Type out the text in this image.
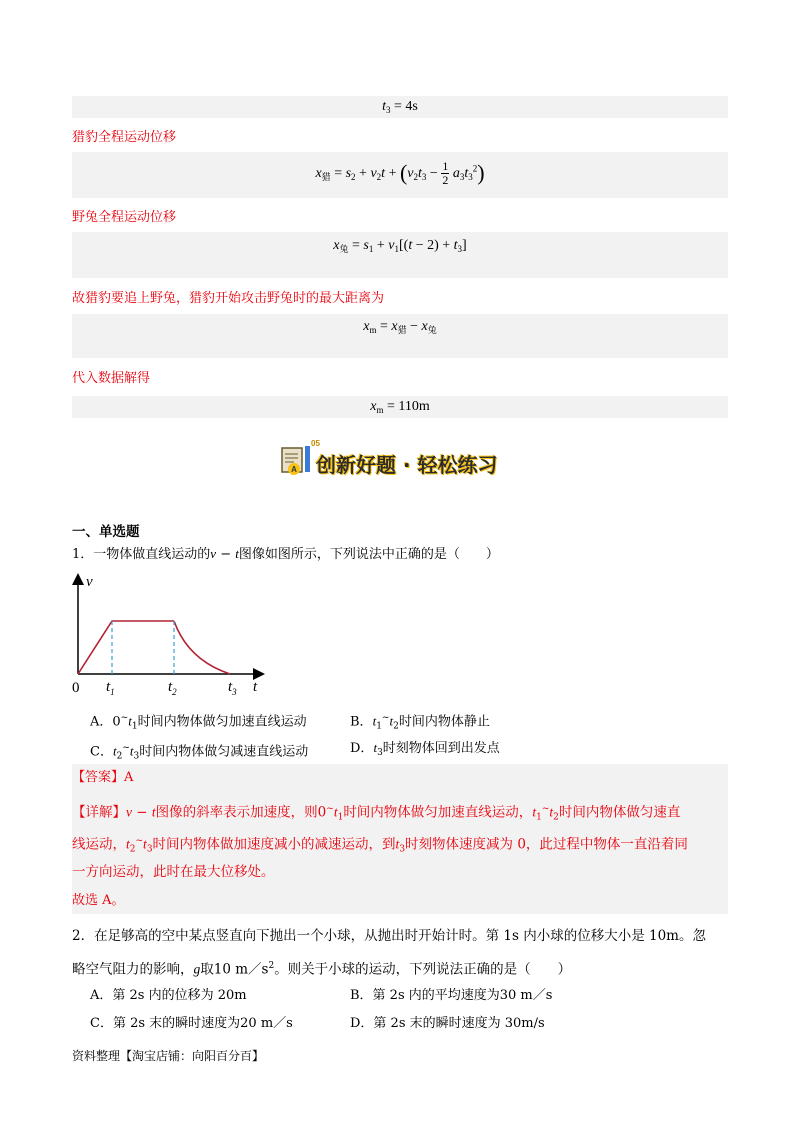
$t_3 = 4s$
猎豹全程运动位移
$x_猎 = s_2 + v_2t + (v_2t_3 - \frac{1}{2} a_3t_3^2)$
野兔全程运动位移
$x_兔 = s_1 + v_1[(t - 2) + t_3]$
故猎豹要追上野兔，猎豹开始攻击野兔时的最大距离为
$x_m = x_猎 - x_兔$
代入数据解得
$x_m = 110m$
A
05
创新好题 · 轻松练习
一、单选题
1．一物体做直线运动的v − t图像如图所示，下列说法中正确的是（　　）
v
t
0 $t_1$	$t_2$	$t_3$
A．$0^\sim t_1$时间内物体做匀加速直线运动	B．$t_1^\sim t_2$时间内物体静止
C．$t_2^\sim t_3$时间内物体做匀减速直线运动	D．$t_3$时刻物体回到出发点
【答案】A
【详解】v − t图像的斜率表示加速度，则$0^\sim t_1$时间内物体做匀加速直线运动，$t_1^\sim t_2$时间内物体做匀速直
线运动，$t_2^\sim t_3$时间内物体做加速度减小的减速运动，到$t_3$时刻物体速度减为 0，此过程中物体一直沿着同
一方向运动，此时在最大位移处。
故选 A。
2．在足够高的空中某点竖直向下抛出一个小球，从抛出时开始计时。第 1s 内小球的位移大小是 10m。忽
略空气阻力的影响，g取10 $m/s^2$。则关于小球的运动，下列说法正确的是（　　）
A．第 2s 内的位移为 20m	B．第 2s 内的平均速度为30 m／s
C．第 2s 末的瞬时速度为20 m／s	D．第 2s 末的瞬时速度为 30m/s
资料整理【淘宝店铺：向阳百分百】
